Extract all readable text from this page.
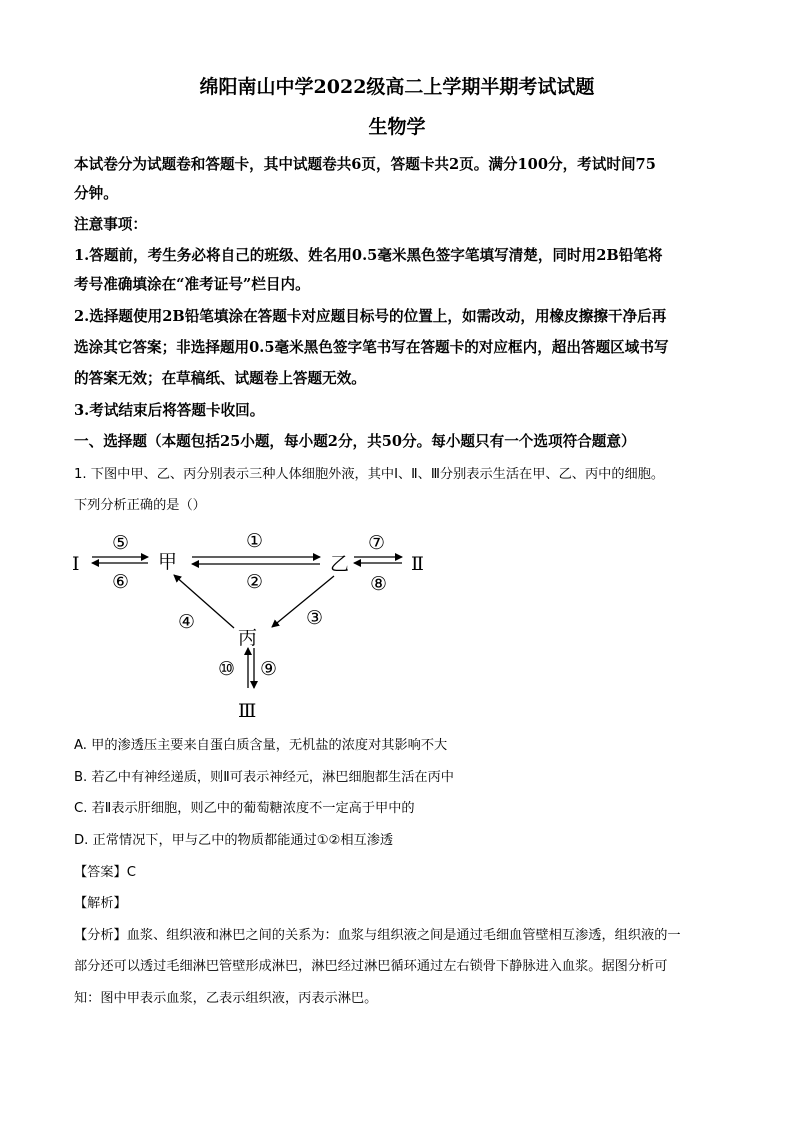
绵阳南山中学2022级高二上学期半期考试试题
生物学
本试卷分为试题卷和答题卡，其中试题卷共6页，答题卡共2页。满分100分，考试时间75
分钟。
注意事项：
1.答题前，考生务必将自己的班级、姓名用0.5毫米黑色签字笔填写清楚，同时用2B铅笔将
考号准确填涂在“准考证号”栏目内。
2.选择题使用2B铅笔填涂在答题卡对应题目标号的位置上，如需改动，用橡皮擦擦干净后再
选涂其它答案；非选择题用0.5毫米黑色签字笔书写在答题卡的对应框内，超出答题区域书写
的答案无效；在草稿纸、试题卷上答题无效。
3.考试结束后将答题卡收回。
一、选择题（本题包括25小题，每小题2分，共50分。每小题只有一个选项符合题意）
1. 下图中甲、乙、丙分别表示三种人体细胞外液，其中Ⅰ、Ⅱ、Ⅲ分别表示生活在甲、乙、丙中的细胞。
下列分析正确的是（）
Ⅰ	甲	乙	Ⅱ
丙
Ⅲ
⑤
⑥
①
②
⑦
⑧
③
④
⑩ ⑨
A. 甲的渗透压主要来自蛋白质含量，无机盐的浓度对其影响不大
B. 若乙中有神经递质，则Ⅱ可表示神经元，淋巴细胞都生活在丙中
C. 若Ⅱ表示肝细胞，则乙中的葡萄糖浓度不一定高于甲中的
D. 正常情况下，甲与乙中的物质都能通过①②相互渗透
【答案】C
【解析】
【分析】血浆、组织液和淋巴之间的关系为：血浆与组织液之间是通过毛细血管壁相互渗透，组织液的一
部分还可以透过毛细淋巴管壁形成淋巴，淋巴经过淋巴循环通过左右锁骨下静脉进入血浆。据图分析可
知：图中甲表示血浆，乙表示组织液，丙表示淋巴。
